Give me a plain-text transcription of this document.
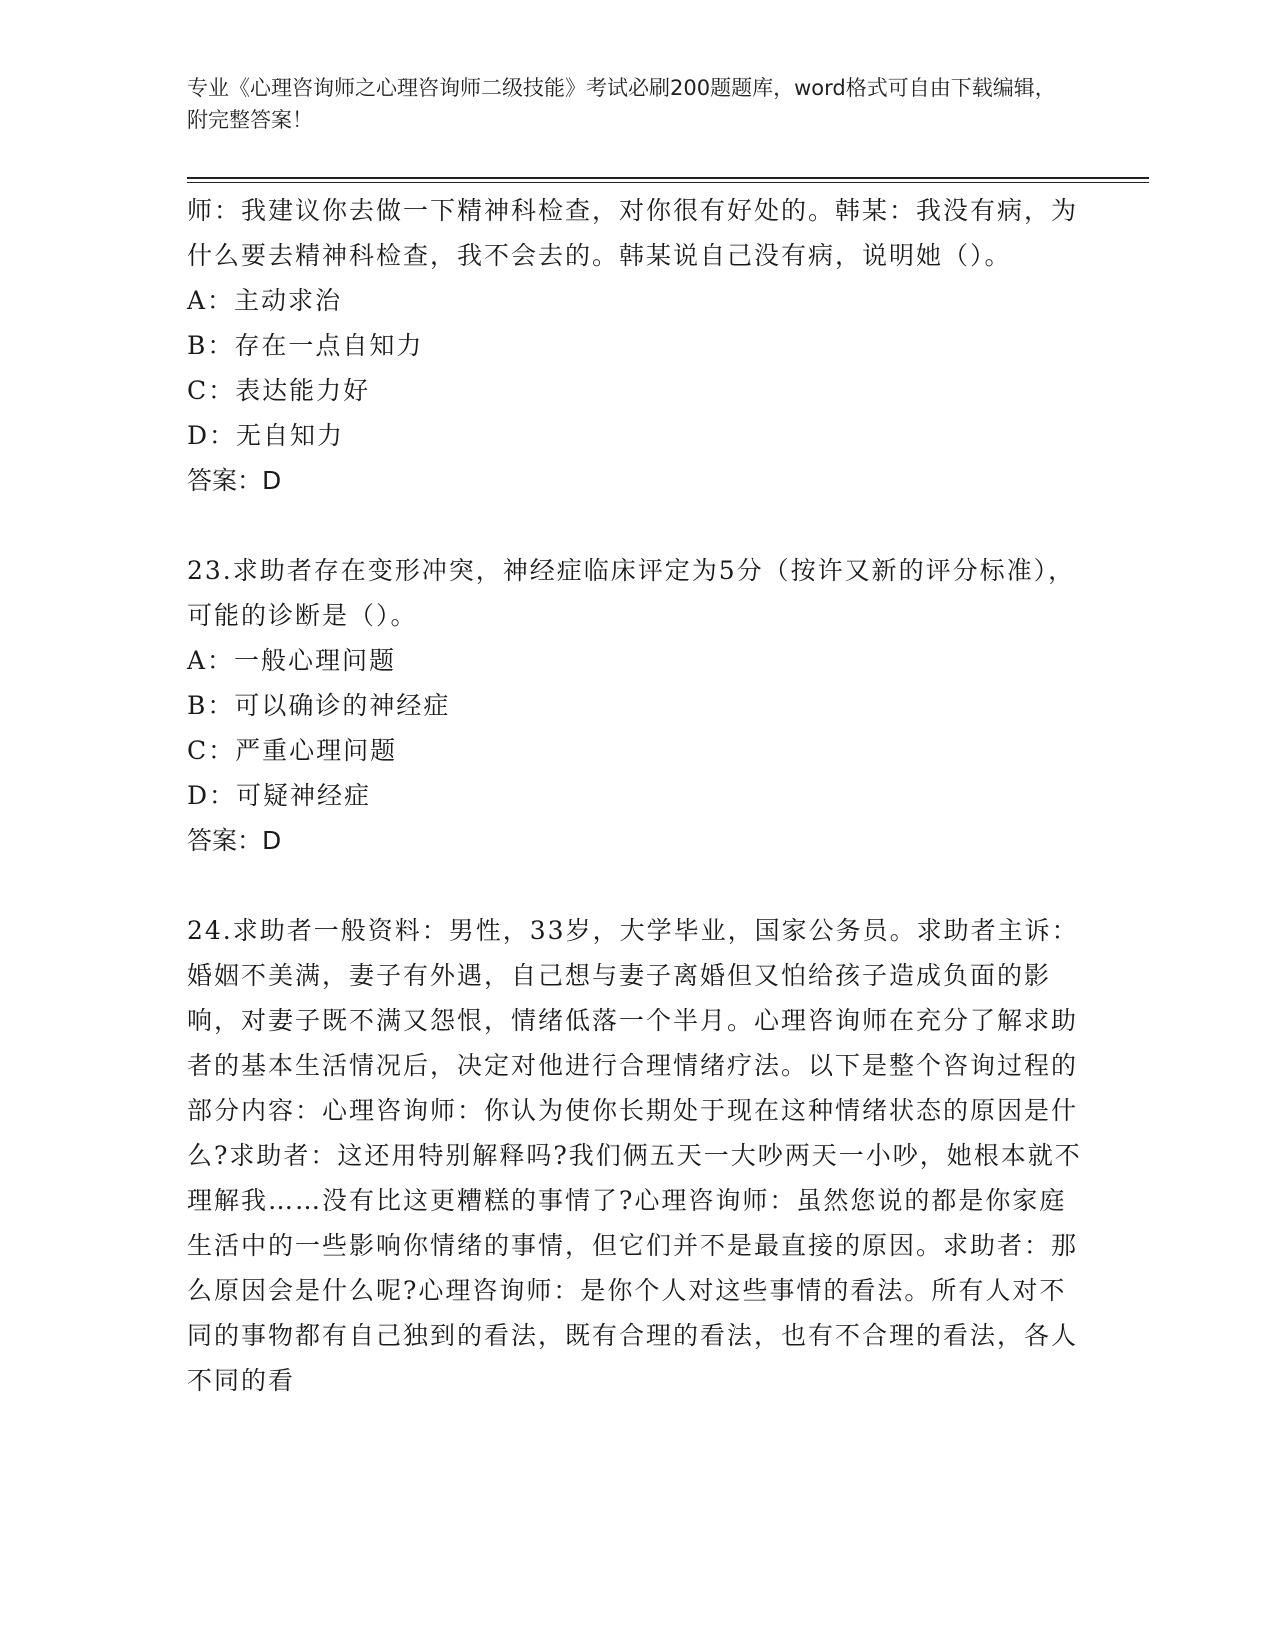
专业《心理咨询师之心理咨询师二级技能》考试必刷200题题库，word格式可自由下载编辑，附完整答案！

师：我建议你去做一下精神科检查，对你很有好处的。韩某：我没有病，为什么要去精神科检查，我不会去的。韩某说自己没有病，说明她（）。

A：主动求治

B：存在一点自知力

C：表达能力好

D：无自知力

答案：D

23.求助者存在变形冲突，神经症临床评定为5分（按许又新的评分标准），可能的诊断是（）。

A：一般心理问题

B：可以确诊的神经症

C：严重心理问题

D：可疑神经症

答案：D

24.求助者一般资料：男性，33岁，大学毕业，国家公务员。求助者主诉：婚姻不美满，妻子有外遇，自己想与妻子离婚但又怕给孩子造成负面的影响，对妻子既不满又怨恨，情绪低落一个半月。心理咨询师在充分了解求助者的基本生活情况后，决定对他进行合理情绪疗法。以下是整个咨询过程的部分内容：心理咨询师：你认为使你长期处于现在这种情绪状态的原因是什么?求助者：这还用特别解释吗?我们俩五天一大吵两天一小吵，她根本就不理解我……没有比这更糟糕的事情了?心理咨询师：虽然您说的都是你家庭生活中的一些影响你情绪的事情，但它们并不是最直接的原因。求助者：那么原因会是什么呢?心理咨询师：是你个人对这些事情的看法。所有人对不同的事物都有自己独到的看法，既有合理的看法，也有不合理的看法，各人不同的看
